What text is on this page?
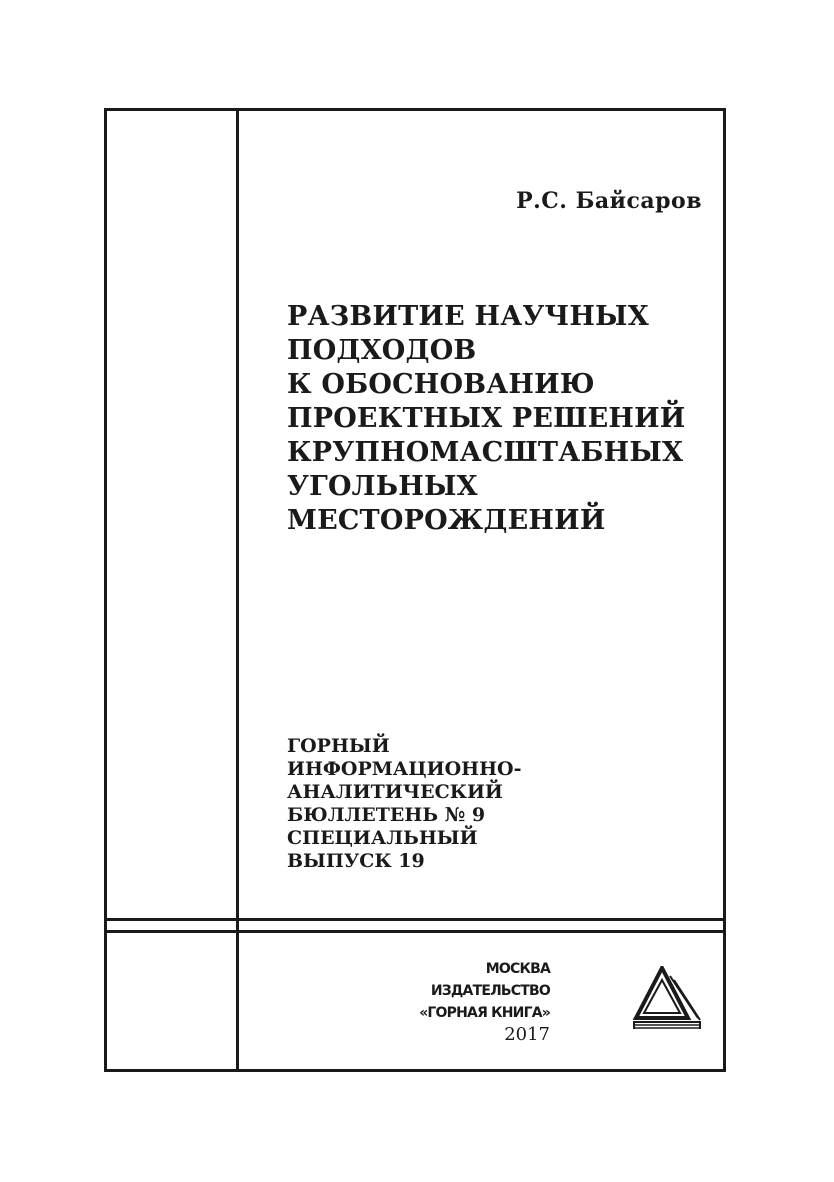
Р.С. Байсаров
РАЗВИТИЕ НАУЧНЫХ
ПОДХОДОВ
К ОБОСНОВАНИЮ
ПРОЕКТНЫХ РЕШЕНИЙ
КРУПНОМАСШТАБНЫХ
УГОЛЬНЫХ
МЕСТОРОЖДЕНИЙ
ГОРНЫЙ
ИНФОРМАЦИОННО-
АНАЛИТИЧЕСКИЙ
БЮЛЛЕТЕНЬ № 9
СПЕЦИАЛЬНЫЙ
ВЫПУСК 19
МОСКВА
ИЗДАТЕЛЬСТВО
«ГОРНАЯ КНИГА»
2017
